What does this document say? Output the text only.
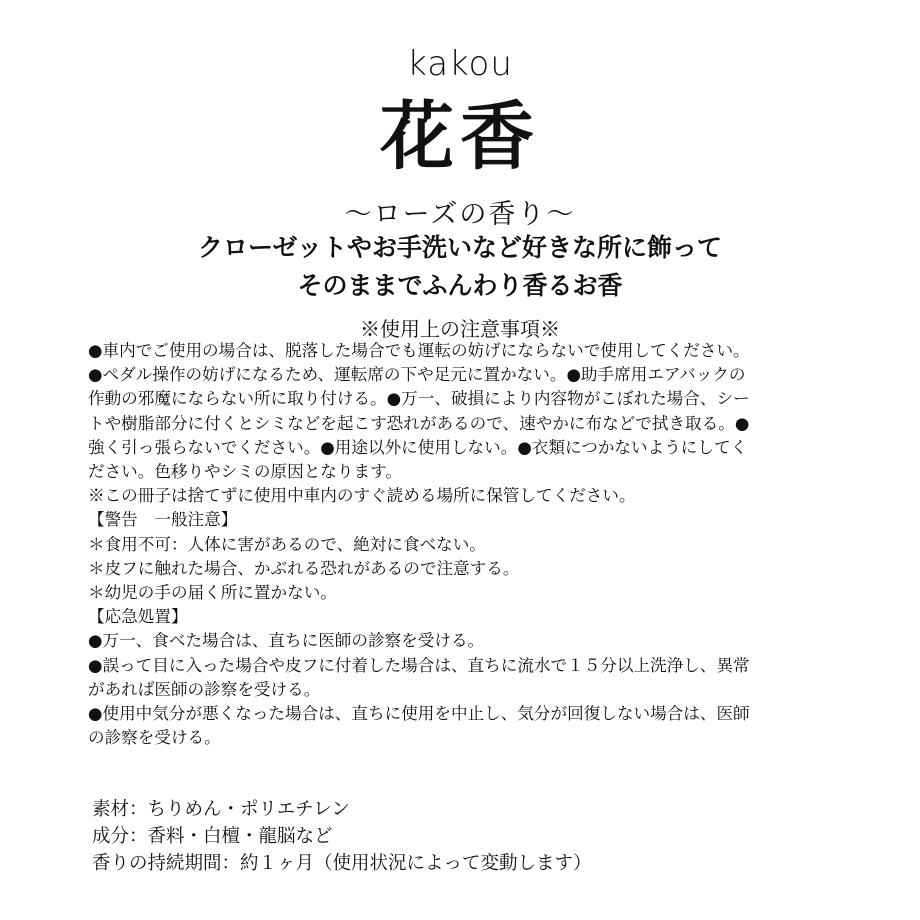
kakou
花香
～ローズの香り～
クローゼットやお手洗いなど好きな所に飾って
そのままでふんわり香るお香
※使用上の注意事項※

●車内でご使用の場合は、脱落した場合でも運転の妨げにならないで使用してください。

●ペダル操作の妨げになるため、運転席の下や足元に置かない。●助手席用エアバックの

作動の邪魔にならない所に取り付ける。●万一、破損により内容物がこぼれた場合、シー

トや樹脂部分に付くとシミなどを起こす恐れがあるので、速やかに布などで拭き取る。●

強く引っ張らないでください。●用途以外に使用しない。●衣類につかないようにしてく

ださい。色移りやシミの原因となります。

※この冊子は捨てずに使用中車内のすぐ読める場所に保管してください。

【警告　一般注意】

＊食用不可：人体に害があるので、絶対に食べない。

＊皮フに触れた場合、かぶれる恐れがあるので注意する。

＊幼児の手の届く所に置かない。

【応急処置】

●万一、食べた場合は、直ちに医師の診察を受ける。

●誤って目に入った場合や皮フに付着した場合は、直ちに流水で１５分以上洗浄し、異常

があれば医師の診察を受ける。

●使用中気分が悪くなった場合は、直ちに使用を中止し、気分が回復しない場合は、医師

の診察を受ける。

素材：ちりめん・ポリエチレン

成分：香料・白檀・龍脳など

香りの持続期間：約１ヶ月（使用状況によって変動します）
